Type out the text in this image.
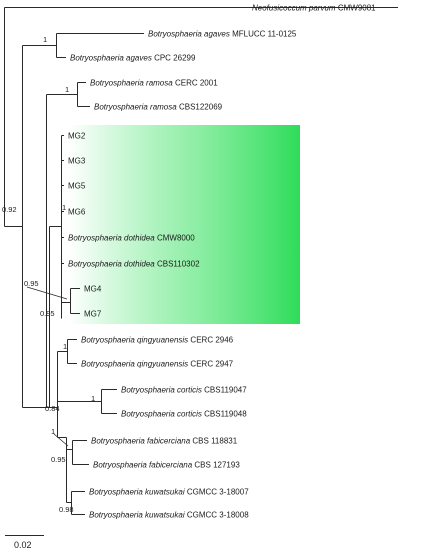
Neofusicoccum parvum CMW9081
Botryosphaeria agaves MFLUCC 11-0125
Botryosphaeria agaves CPC 26299
Botryosphaeria ramosa CERC 2001
Botryosphaeria ramosa CBS122069
MG2
MG3
MG5
MG6
Botryosphaeria dothidea CMW8000
Botryosphaeria dothidea CBS110302
MG4
MG7
Botryosphaeria qingyuanensis CERC 2946
Botryosphaeria qingyuanensis CERC 2947
Botryosphaeria corticis CBS119047
Botryosphaeria corticis CBS119048
Botryosphaeria fabicerciana CBS 118831
Botryosphaeria fabicerciana CBS 127193
Botryosphaeria kuwatsukai CGMCC 3-18007
Botryosphaeria kuwatsukai CGMCC 3-18008
1
1
0.92	1
0.95
0.95
1
1
0.84
1
0.95
0.98
0.02
